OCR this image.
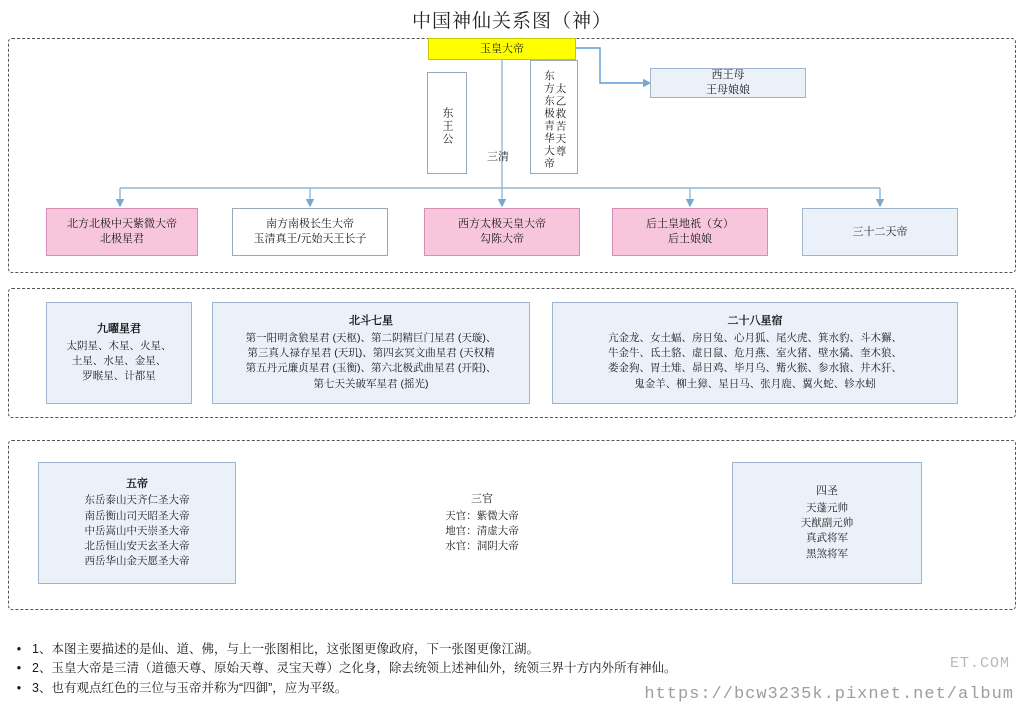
中国神仙关系图（神）
玉皇大帝
东王公	东方东极青华大帝 太乙救苦天尊
三清
西王母
王母娘娘
北方北极中天紫微大帝
北极星君
南方南极长生大帝
玉清真王/元始天王长子
西方太极天皇大帝
勾陈大帝
后土皇地祇（女）
后土娘娘
三十二天帝
九曜星君
太阴星、木星、火星、
土星、水星、金星、
罗睺星、计都星
北斗七星
第一阳明贪狼星君 (天枢)、第二阴精巨门星君 (天璇)、
第三真人禄存星君 (天玑)、第四玄冥文曲星君 (天权精
第五丹元廉贞星君 (玉衡)、第六北极武曲星君 (开阳)、
第七天关破军星君 (摇光)
二十八星宿
亢金龙、女土蝠、房日兔、心月狐、尾火虎、箕水豹、斗木獬、
牛金牛、氐土貉、虚日鼠、危月燕、室火猪、壁水獝、奎木狼、
娄金狗、胃土雉、昴日鸡、毕月乌、觜火猴、参水猿、井木犴、
鬼金羊、柳土獐、星日马、张月鹿、翼火蛇、轸水蚓
五帝
东岳泰山天齐仁圣大帝
南岳衡山司天昭圣大帝
中岳嵩山中天崇圣大帝
北岳恒山安天玄圣大帝
西岳华山金天愿圣大帝
三官
天官：紫微大帝
地官：清虚大帝
水官：洞阴大帝
四圣
天蓬元帅
天猷副元帅
真武将军
黑煞将军
• 1、本图主要描述的是仙、道、佛，与上一张图相比，这张图更像政府，下一张图更像江湖。
• 2、玉皇大帝是三清（道德天尊、原始天尊、灵宝天尊）之化身，除去统领上述神仙外，统领三界十方内外所有神仙。
• 3、也有观点红色的三位与玉帝并称为“四御”，应为平级。
ET.COM
https://bcw3235k.pixnet.net/album
